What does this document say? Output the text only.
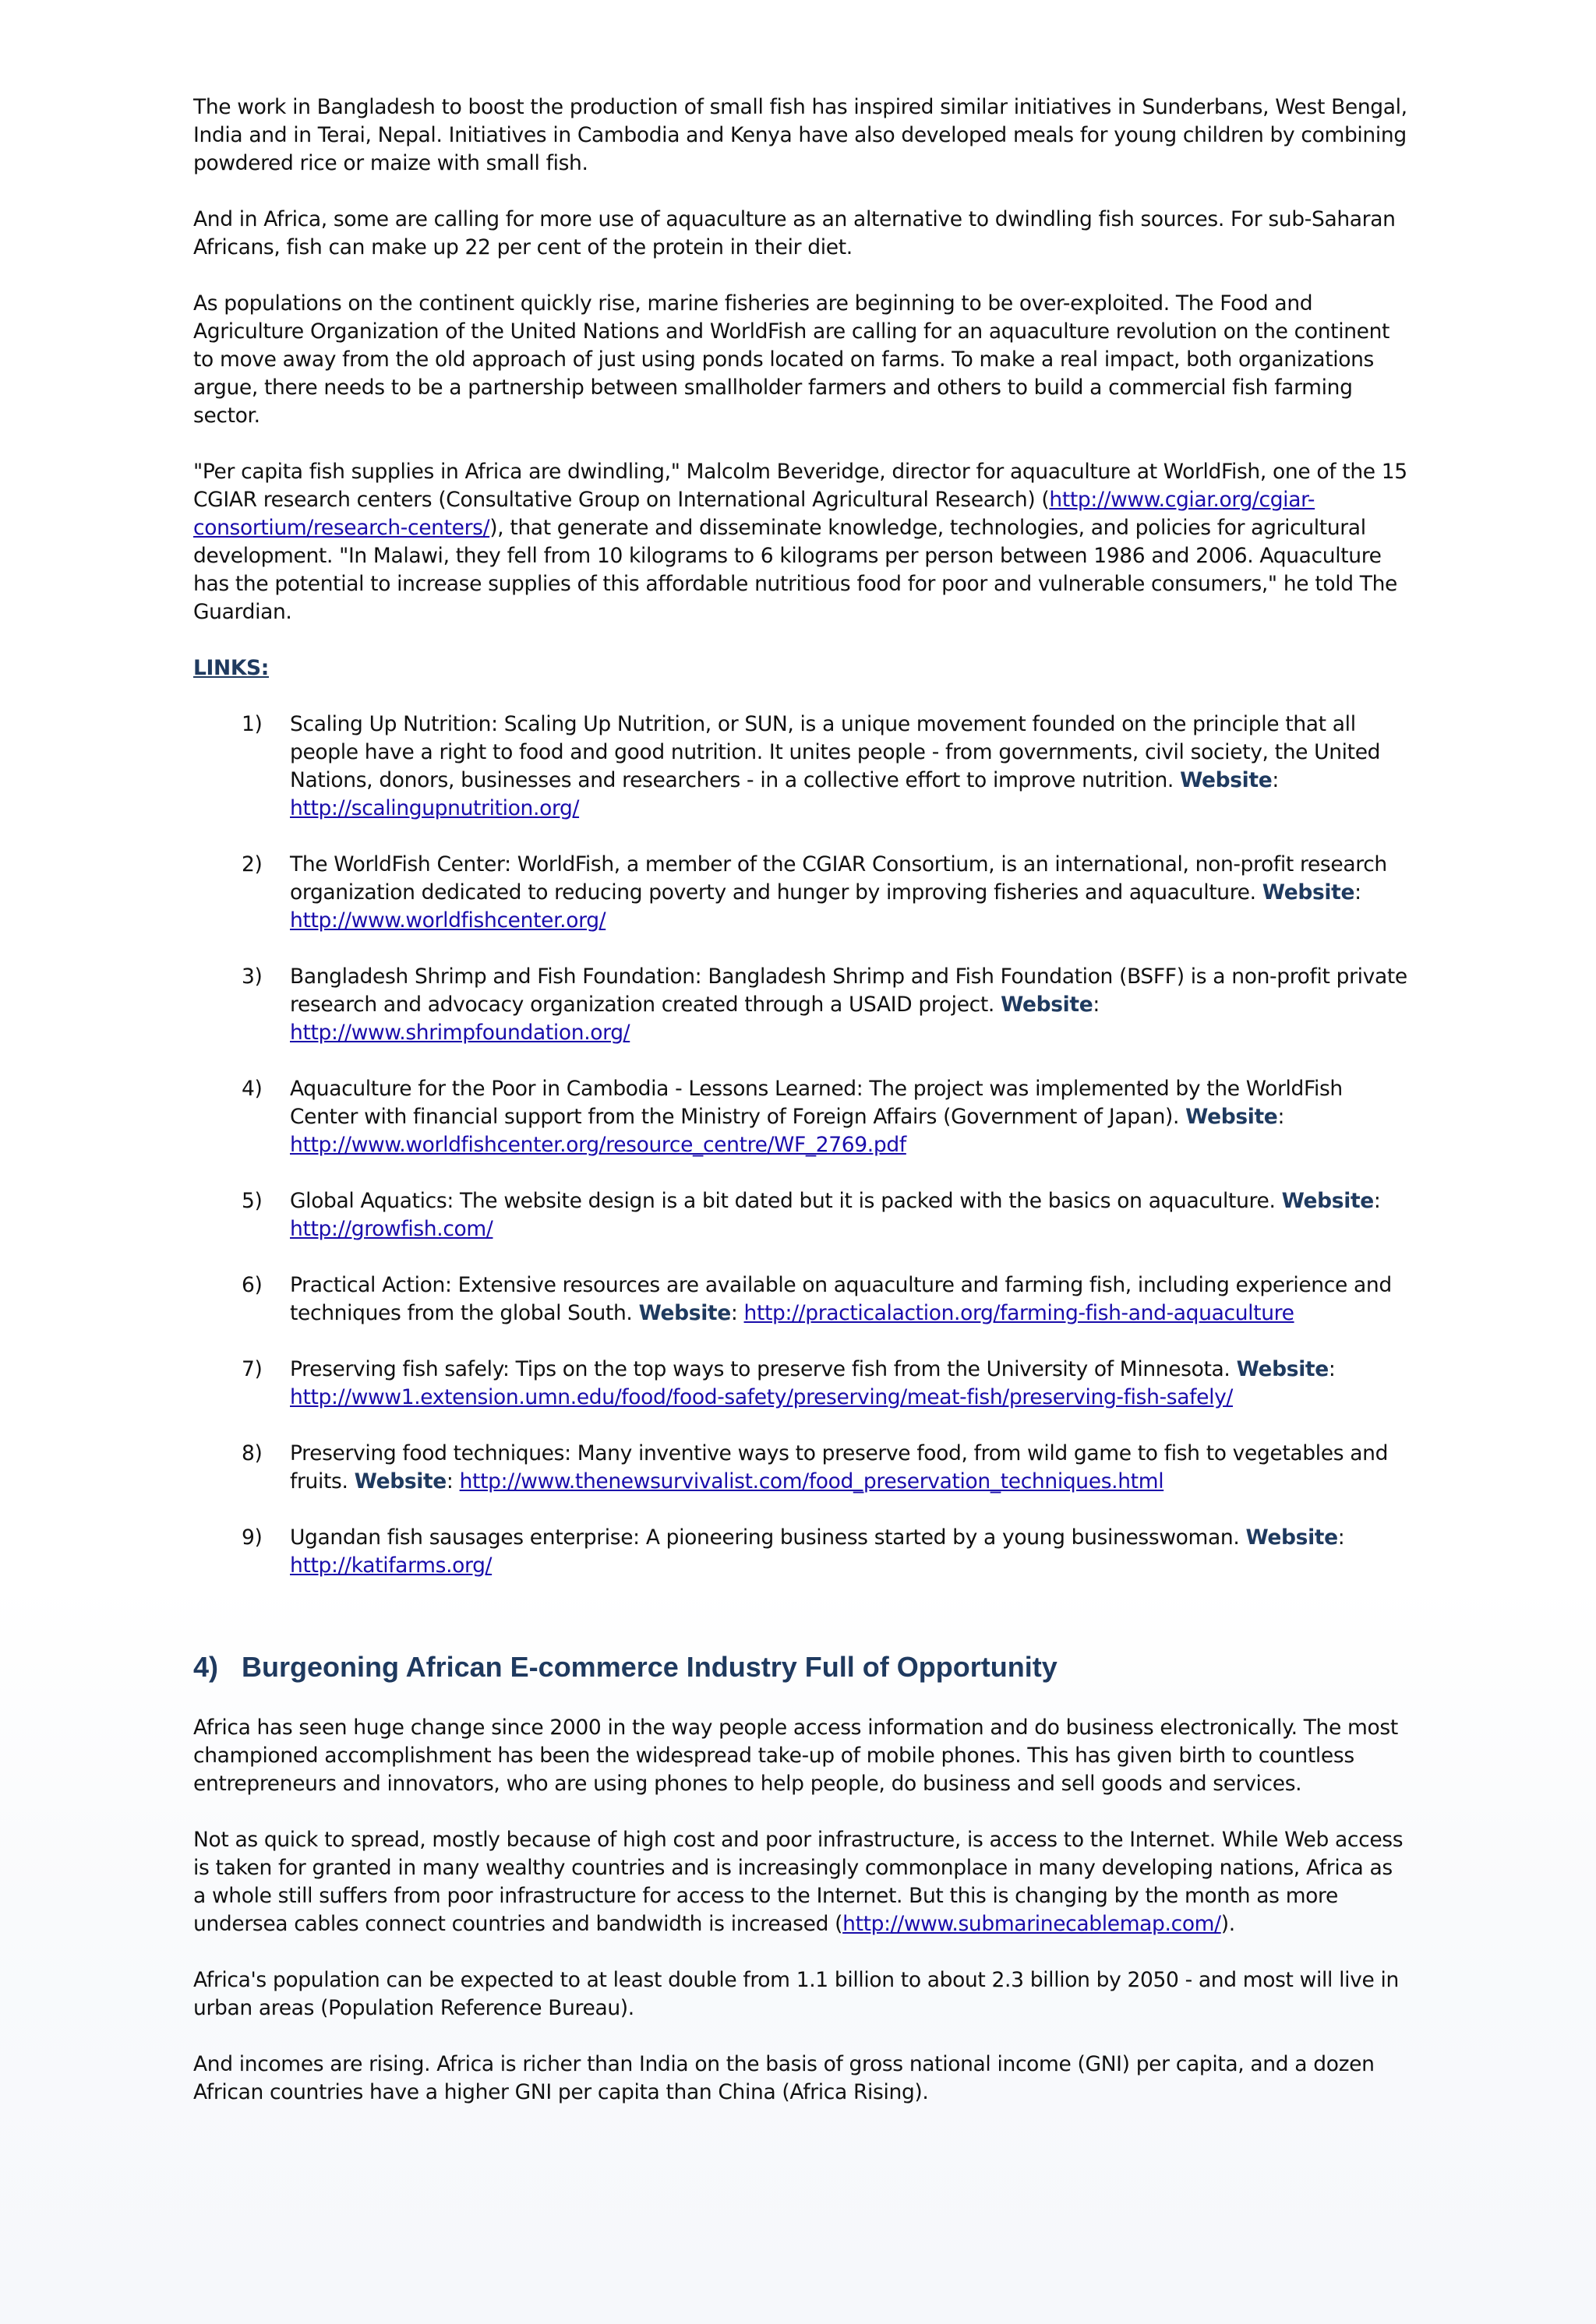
The work in Bangladesh to boost the production of small fish has inspired similar initiatives in Sunderbans, West Bengal, India and in Terai, Nepal. Initiatives in Cambodia and Kenya have also developed meals for young children by combining powdered rice or maize with small fish.

And in Africa, some are calling for more use of aquaculture as an alternative to dwindling fish sources. For sub-Saharan Africans, fish can make up 22 per cent of the protein in their diet.

As populations on the continent quickly rise, marine fisheries are beginning to be over-exploited. The Food and Agriculture Organization of the United Nations and WorldFish are calling for an aquaculture revolution on the continent to move away from the old approach of just using ponds located on farms. To make a real impact, both organizations argue, there needs to be a partnership between smallholder farmers and others to build a commercial fish farming sector.

"Per capita fish supplies in Africa are dwindling," Malcolm Beveridge, director for aquaculture at WorldFish, one of the 15 CGIAR research centers (Consultative Group on International Agricultural Research) (http://www.cgiar.org/cgiar-consortium/research-centers/), that generate and disseminate knowledge, technologies, and policies for agricultural development. "In Malawi, they fell from 10 kilograms to 6 kilograms per person between 1986 and 2006. Aquaculture has the potential to increase supplies of this affordable nutritious food for poor and vulnerable consumers," he told The Guardian.

LINKS:
1) Scaling Up Nutrition: Scaling Up Nutrition, or SUN, is a unique movement founded on the principle that all people have a right to food and good nutrition. It unites people - from governments, civil society, the United Nations, donors, businesses and researchers - in a collective effort to improve nutrition. Website: http://scalingupnutrition.org/
2) The WorldFish Center: WorldFish, a member of the CGIAR Consortium, is an international, non-profit research organization dedicated to reducing poverty and hunger by improving fisheries and aquaculture. Website: http://www.worldfishcenter.org/
3) Bangladesh Shrimp and Fish Foundation: Bangladesh Shrimp and Fish Foundation (BSFF) is a non-profit private research and advocacy organization created through a USAID project. Website: http://www.shrimpfoundation.org/
4) Aquaculture for the Poor in Cambodia - Lessons Learned: The project was implemented by the WorldFish Center with financial support from the Ministry of Foreign Affairs (Government of Japan). Website: http://www.worldfishcenter.org/resource_centre/WF_2769.pdf
5) Global Aquatics: The website design is a bit dated but it is packed with the basics on aquaculture. Website: http://growfish.com/
6) Practical Action: Extensive resources are available on aquaculture and farming fish, including experience and techniques from the global South. Website: http://practicalaction.org/farming-fish-and-aquaculture
7) Preserving fish safely: Tips on the top ways to preserve fish from the University of Minnesota. Website: http://www1.extension.umn.edu/food/food-safety/preserving/meat-fish/preserving-fish-safely/
8) Preserving food techniques: Many inventive ways to preserve food, from wild game to fish to vegetables and fruits. Website: http://www.thenewsurvivalist.com/food_preservation_techniques.html
9) Ugandan fish sausages enterprise: A pioneering business started by a young businesswoman. Website: http://katifarms.org/
4) Burgeoning African E-commerce Industry Full of Opportunity

Africa has seen huge change since 2000 in the way people access information and do business electronically. The most championed accomplishment has been the widespread take-up of mobile phones. This has given birth to countless entrepreneurs and innovators, who are using phones to help people, do business and sell goods and services.

Not as quick to spread, mostly because of high cost and poor infrastructure, is access to the Internet. While Web access is taken for granted in many wealthy countries and is increasingly commonplace in many developing nations, Africa as a whole still suffers from poor infrastructure for access to the Internet. But this is changing by the month as more undersea cables connect countries and bandwidth is increased (http://www.submarinecablemap.com/).

Africa's population can be expected to at least double from 1.1 billion to about 2.3 billion by 2050 - and most will live in urban areas (Population Reference Bureau).

And incomes are rising. Africa is richer than India on the basis of gross national income (GNI) per capita, and a dozen African countries have a higher GNI per capita than China (Africa Rising).
